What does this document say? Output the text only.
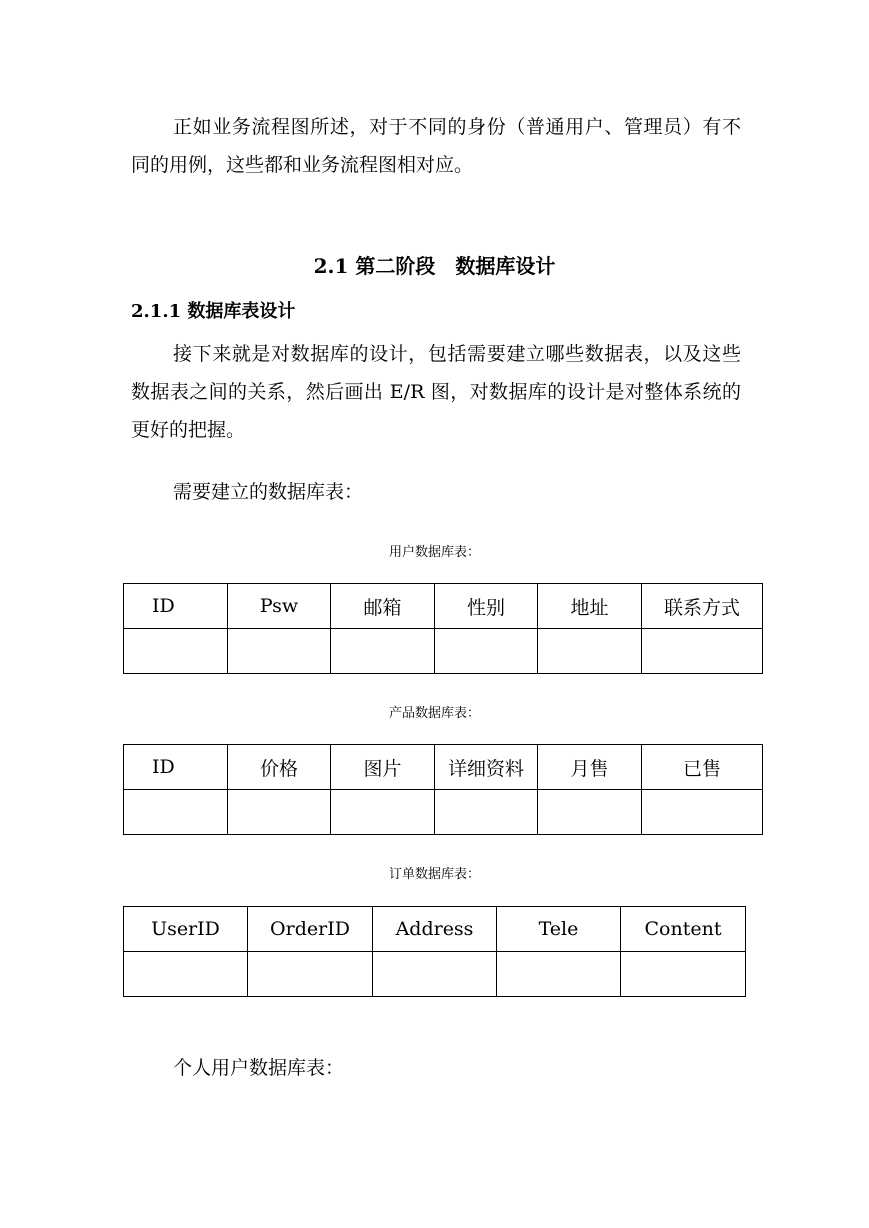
正如业务流程图所述，对于不同的身份（普通用户、管理员）有不同的用例，这些都和业务流程图相对应。

2.1 第二阶段　数据库设计
2.1.1 数据库表设计

接下来就是对数据库的设计，包括需要建立哪些数据表，以及这些数据表之间的关系，然后画出 E/R 图，对数据库的设计是对整体系统的更好的把握。

需要建立的数据库表：

用户数据库表：

ID	Psw	邮箱	性别	地址	联系方式

产品数据库表：

ID	价格	图片	详细资料	月售	已售

订单数据库表：

UserID	OrderID	Address	Tele	Content

个人用户数据库表：
